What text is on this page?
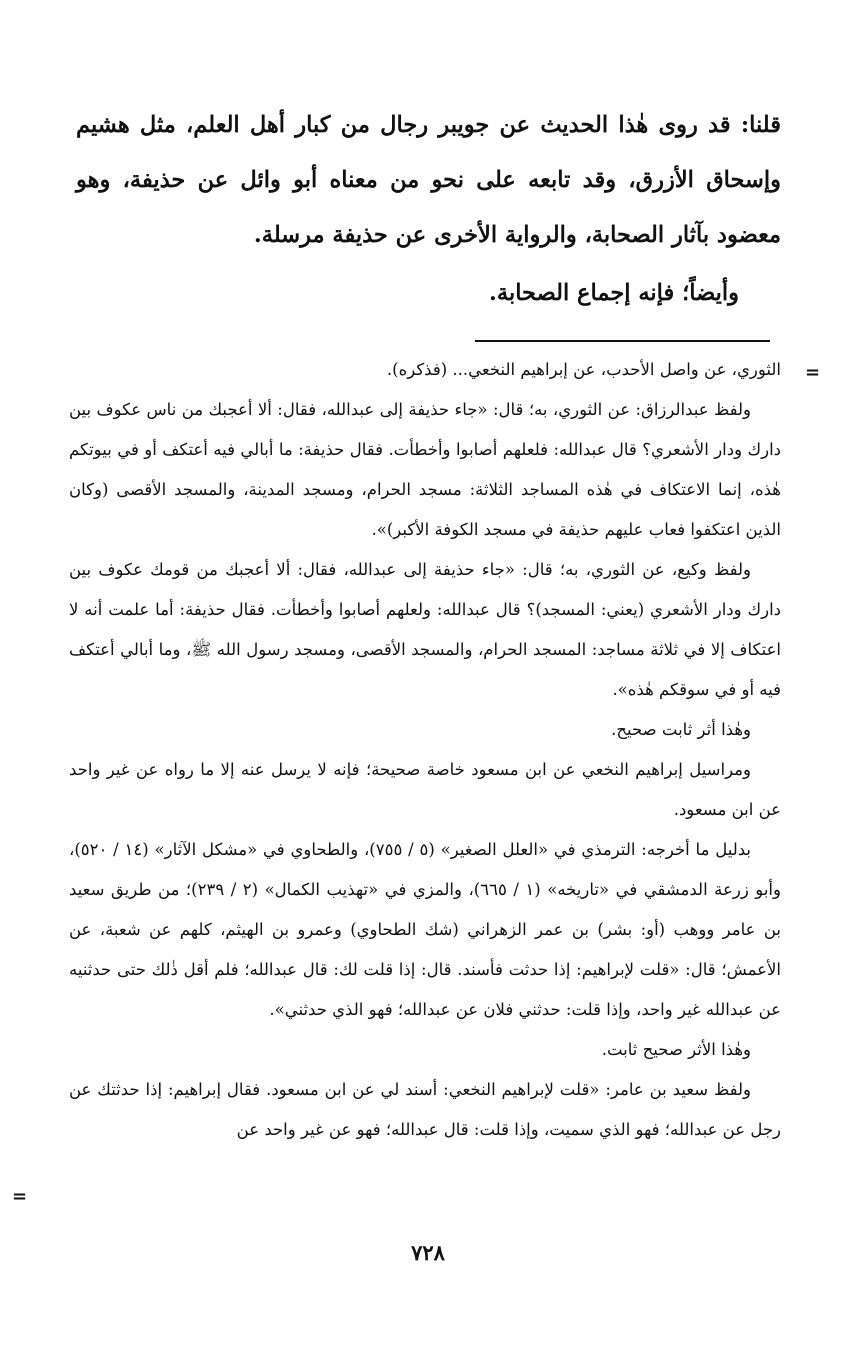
قلنا: قد روى هٰذا الحديث عن جويبر رجال من كبار أهل العلم، مثل هشيم وإسحاق الأزرق، وقد تابعه على نحو من معناه أبو وائل عن حذيفة، وهو معضود بآثار الصحابة، والرواية الأخرى عن حذيفة مرسلة.

وأيضاً؛ فإنه إجماع الصحابة.

=

الثوري، عن واصل الأحدب، عن إبراهيم النخعي... (فذكره).

ولفظ عبدالرزاق: عن الثوري، به؛ قال: «جاء حذيفة إلى عبدالله، فقال: ألا أعجبك من ناس عكوف بين دارك ودار الأشعري؟ قال عبدالله: فلعلهم أصابوا وأخطأت. فقال حذيفة: ما أبالي فيه أعتكف أو في بيوتكم هٰذه، إنما الاعتكاف في هٰذه المساجد الثلاثة: مسجد الحرام، ومسجد المدينة، والمسجد الأقصى (وكان الذين اعتكفوا فعاب عليهم حذيفة في مسجد الكوفة الأكبر)».

ولفظ وكيع، عن الثوري، به؛ قال: «جاء حذيفة إلى عبدالله، فقال: ألا أعجبك من قومك عكوف بين دارك ودار الأشعري (يعني: المسجد)؟ قال عبدالله: ولعلهم أصابوا وأخطأت. فقال حذيفة: أما علمت أنه لا اعتكاف إلا في ثلاثة مساجد: المسجد الحرام، والمسجد الأقصى، ومسجد رسول الله ﷺ، وما أبالي أعتكف فيه أو في سوقكم هٰذه».

وهٰذا أثر ثابت صحيح.

ومراسيل إبراهيم النخعي عن ابن مسعود خاصة صحيحة؛ فإنه لا يرسل عنه إلا ما رواه عن غير واحد عن ابن مسعود.

بدليل ما أخرجه: الترمذي في «العلل الصغير» (٥ / ٧٥٥)، والطحاوي في «مشكل الآثار» (١٤ / ٥٢٠)، وأبو زرعة الدمشقي في «تاريخه» (١ / ٦٦٥)، والمزي في «تهذيب الكمال» (٢ / ٢٣٩)؛ من طريق سعيد بن عامر ووهب (أو: بشر) بن عمر الزهراني (شك الطحاوي) وعمرو بن الهيثم، كلهم عن شعبة، عن الأعمش؛ قال: «قلت لإبراهيم: إذا حدثت فأسند. قال: إذا قلت لك: قال عبدالله؛ فلم أقل ذٰلك حتى حدثنيه عن عبدالله غير واحد، وإذا قلت: حدثني فلان عن عبدالله؛ فهو الذي حدثني».

وهٰذا الأثر صحيح ثابت.

ولفظ سعيد بن عامر: «قلت لإبراهيم النخعي: أسند لي عن ابن مسعود. فقال إبراهيم: إذا حدثتك عن رجل عن عبدالله؛ فهو الذي سميت، وإذا قلت: قال عبدالله؛ فهو عن غير واحد عن

=
٧٢٨
